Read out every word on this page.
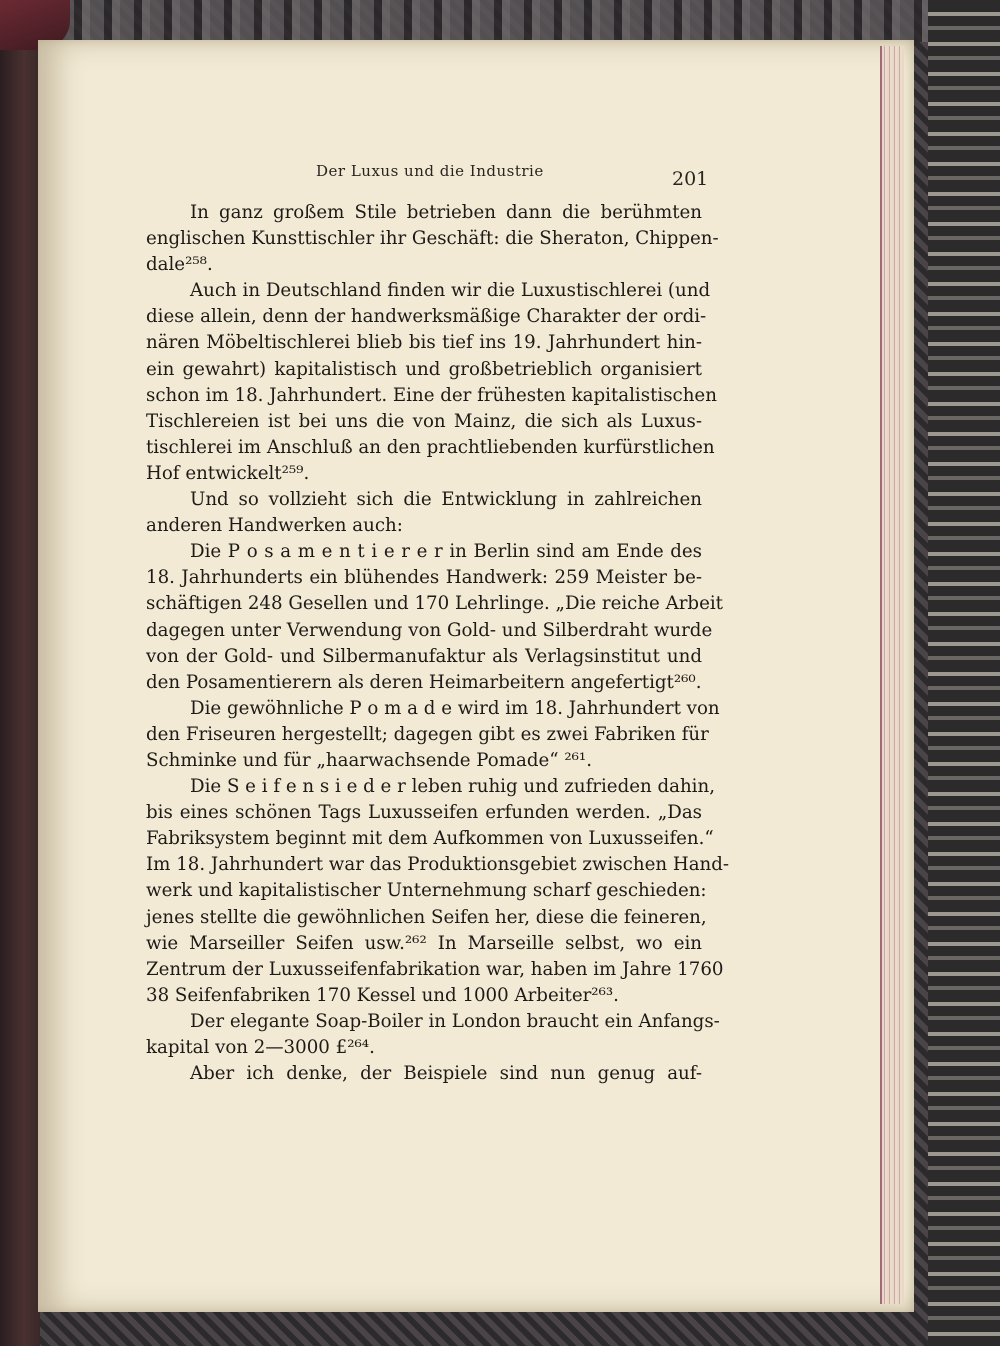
Der Luxus und die Industrie	201
In ganz großem Stile betrieben dann die berühmten
englischen Kunsttischler ihr Geschäft: die Sheraton, Chippen-
dale²⁵⁸.
Auch in Deutschland finden wir die Luxustischlerei (und
diese allein, denn der handwerksmäßige Charakter der ordi-
nären Möbeltischlerei blieb bis tief ins 19. Jahrhundert hin-
ein gewahrt) kapitalistisch und großbetrieblich organisiert
schon im 18. Jahrhundert. Eine der frühesten kapitalistischen
Tischlereien ist bei uns die von Mainz, die sich als Luxus-
tischlerei im Anschluß an den prachtliebenden kurfürstlichen
Hof entwickelt²⁵⁹.
Und so vollzieht sich die Entwicklung in zahlreichen
anderen Handwerken auch:
Die P o s a m e n t i e r e r in Berlin sind am Ende des
18. Jahrhunderts ein blühendes Handwerk: 259 Meister be-
schäftigen 248 Gesellen und 170 Lehrlinge. „Die reiche Arbeit
dagegen unter Verwendung von Gold- und Silberdraht wurde
von der Gold- und Silbermanufaktur als Verlagsinstitut und
den Posamentierern als deren Heimarbeitern angefertigt²⁶⁰.
Die gewöhnliche P o m a d e wird im 18. Jahrhundert von
den Friseuren hergestellt; dagegen gibt es zwei Fabriken für
Schminke und für „haarwachsende Pomade“ ²⁶¹.
Die S e i f e n s i e d e r leben ruhig und zufrieden dahin,
bis eines schönen Tags Luxusseifen erfunden werden. „Das
Fabriksystem beginnt mit dem Aufkommen von Luxusseifen.“
Im 18. Jahrhundert war das Produktionsgebiet zwischen Hand-
werk und kapitalistischer Unternehmung scharf geschieden:
jenes stellte die gewöhnlichen Seifen her, diese die feineren,
wie Marseiller Seifen usw.²⁶² In Marseille selbst, wo ein
Zentrum der Luxusseifenfabrikation war, haben im Jahre 1760
38 Seifenfabriken 170 Kessel und 1000 Arbeiter²⁶³.
Der elegante Soap-Boiler in London braucht ein Anfangs-
kapital von 2—3000 £²⁶⁴.
Aber ich denke, der Beispiele sind nun genug auf-
